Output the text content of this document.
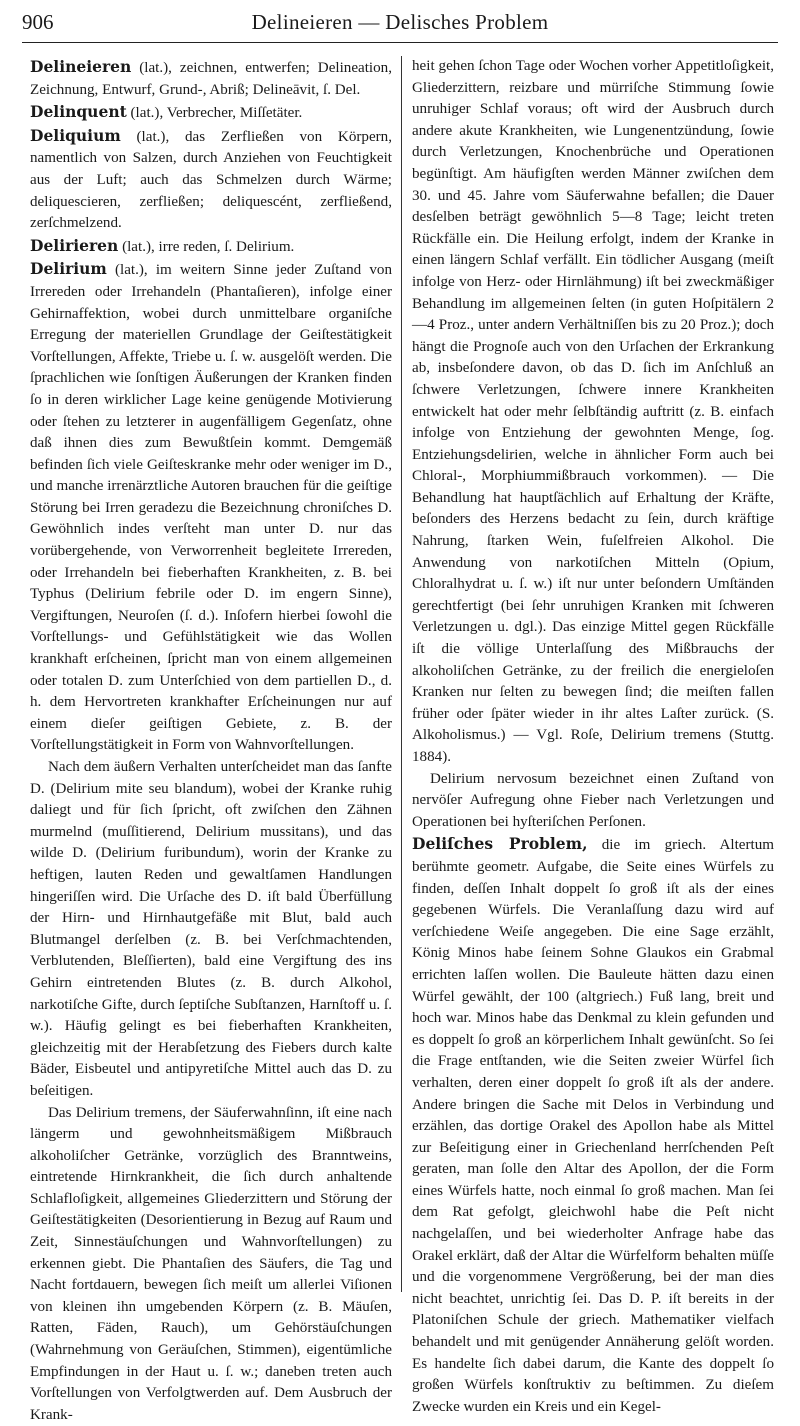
906	Delineieren — Delisches Problem

Delineieren (lat.), zeichnen, entwerfen; Delineation, Zeichnung, Entwurf, Grund-, Abriß; Delineāvit, ſ. Del.

Delinquent (lat.), Verbrecher, Miſſetäter.

Deliquium (lat.), das Zerfließen von Körpern, namentlich von Salzen, durch Anziehen von Feuchtigkeit aus der Luft; auch das Schmelzen durch Wärme; deliquescieren, zerfließen; deliquescént, zerfließend, zerſchmelzend.

Delirieren (lat.), irre reden, ſ. Delirium.

Delirium (lat.), im weitern Sinne jeder Zuſtand von Irrereden oder Irrehandeln (Phantaſieren), infolge einer Gehirnaffektion, wobei durch unmittelbare organiſche Erregung der materiellen Grundlage der Geiſtestätigkeit Vorſtellungen, Affekte, Triebe u. ſ. w. ausgelöſt werden. Die ſprachlichen wie ſonſtigen Äußerungen der Kranken finden ſo in deren wirklicher Lage keine genügende Motivierung oder ſtehen zu letzterer in augenfälligem Gegenſatz, ohne daß ihnen dies zum Bewußtſein kommt. Demgemäß befinden ſich viele Geiſteskranke mehr oder weniger im D., und manche irrenärztliche Autoren brauchen für die geiſtige Störung bei Irren geradezu die Bezeichnung chroniſches D. Gewöhnlich indes verſteht man unter D. nur das vorübergehende, von Verworrenheit begleitete Irrereden, oder Irrehandeln bei fieberhaften Krankheiten, z. B. bei Typhus (Delirium febrile oder D. im engern Sinne), Vergiftungen, Neuroſen (ſ. d.). Inſofern hierbei ſowohl die Vorſtellungs- und Gefühlstätigkeit wie das Wollen krankhaft erſcheinen, ſpricht man von einem allgemeinen oder totalen D. zum Unterſchied von dem partiellen D., d. h. dem Hervortreten krankhafter Erſcheinungen nur auf einem dieſer geiſtigen Gebiete, z. B. der Vorſtellungstätigkeit in Form von Wahnvorſtellungen.

Nach dem äußern Verhalten unterſcheidet man das ſanfte D. (Delirium mite seu blandum), wobei der Kranke ruhig daliegt und für ſich ſpricht, oft zwiſchen den Zähnen murmelnd (muſſitierend, Delirium mussitans), und das wilde D. (Delirium furibundum), worin der Kranke zu heftigen, lauten Reden und gewaltſamen Handlungen hingeriſſen wird. Die Urſache des D. iſt bald Überfüllung der Hirn- und Hirnhautgefäße mit Blut, bald auch Blutmangel derſelben (z. B. bei Verſchmachtenden, Verblutenden, Bleſſierten), bald eine Vergiftung des ins Gehirn eintretenden Blutes (z. B. durch Alkohol, narkotiſche Gifte, durch ſeptiſche Subſtanzen, Harnſtoff u. ſ. w.). Häufig gelingt es bei fieberhaften Krankheiten, gleichzeitig mit der Herabſetzung des Fiebers durch kalte Bäder, Eisbeutel und antipyretiſche Mittel auch das D. zu beſeitigen.

Das Delirium tremens, der Säuferwahnſinn, iſt eine nach längerm und gewohnheitsmäßigem Mißbrauch alkoholiſcher Getränke, vorzüglich des Branntweins, eintretende Hirnkrankheit, die ſich durch anhaltende Schlafloſigkeit, allgemeines Gliederzittern und Störung der Geiſtestätigkeiten (Desorientierung in Bezug auf Raum und Zeit, Sinnestäuſchungen und Wahnvorſtellungen) zu erkennen giebt. Die Phantaſien des Säufers, die Tag und Nacht fortdauern, bewegen ſich meiſt um allerlei Viſionen von kleinen ihn umgebenden Körpern (z. B. Mäuſen, Ratten, Fäden, Rauch), um Gehörstäuſchungen (Wahrnehmung von Geräuſchen, Stimmen), eigentümliche Empfindungen in der Haut u. ſ. w.; daneben treten auch Vorſtellungen von Verfolgtwerden auf. Dem Ausbruch der Krank-

heit gehen ſchon Tage oder Wochen vorher Appetitloſigkeit, Gliederzittern, reizbare und mürriſche Stimmung ſowie unruhiger Schlaf voraus; oft wird der Ausbruch durch andere akute Krankheiten, wie Lungenentzündung, ſowie durch Verletzungen, Knochenbrüche und Operationen begünſtigt. Am häufigſten werden Männer zwiſchen dem 30. und 45. Jahre vom Säuferwahne befallen; die Dauer desſelben beträgt gewöhnlich 5—8 Tage; leicht treten Rückfälle ein. Die Heilung erfolgt, indem der Kranke in einen längern Schlaf verfällt. Ein tödlicher Ausgang (meiſt infolge von Herz- oder Hirnlähmung) iſt bei zweckmäßiger Behandlung im allgemeinen ſelten (in guten Hoſpitälern 2—4 Proz., unter andern Verhältniſſen bis zu 20 Proz.); doch hängt die Prognoſe auch von den Urſachen der Erkrankung ab, insbeſondere davon, ob das D. ſich im Anſchluß an ſchwere Verletzungen, ſchwere innere Krankheiten entwickelt hat oder mehr ſelbſtändig auftritt (z. B. einfach infolge von Entziehung der gewohnten Menge, ſog. Entziehungsdelirien, welche in ähnlicher Form auch bei Chloral-, Morphiummißbrauch vorkommen). — Die Behandlung hat hauptſächlich auf Erhaltung der Kräfte, beſonders des Herzens bedacht zu ſein, durch kräftige Nahrung, ſtarken Wein, fuſelfreien Alkohol. Die Anwendung von narkotiſchen Mitteln (Opium, Chloralhydrat u. ſ. w.) iſt nur unter beſondern Umſtänden gerechtfertigt (bei ſehr unruhigen Kranken mit ſchweren Verletzungen u. dgl.). Das einzige Mittel gegen Rückfälle iſt die völlige Unterlaſſung des Mißbrauchs der alkoholiſchen Getränke, zu der freilich die energieloſen Kranken nur ſelten zu bewegen ſind; die meiſten fallen früher oder ſpäter wieder in ihr altes Laſter zurück. (S. Alkoholismus.) — Vgl. Roſe, Delirium tremens (Stuttg. 1884).

Delirium nervosum bezeichnet einen Zuſtand von nervöſer Aufregung ohne Fieber nach Verletzungen und Operationen bei hyſteriſchen Perſonen.

Deliſches Problem, die im griech. Altertum berühmte geometr. Aufgabe, die Seite eines Würfels zu finden, deſſen Inhalt doppelt ſo groß iſt als der eines gegebenen Würfels. Die Veranlaſſung dazu wird auf verſchiedene Weiſe angegeben. Die eine Sage erzählt, König Minos habe ſeinem Sohne Glaukos ein Grabmal errichten laſſen wollen. Die Bauleute hätten dazu einen Würfel gewählt, der 100 (altgriech.) Fuß lang, breit und hoch war. Minos habe das Denkmal zu klein gefunden und es doppelt ſo groß an körperlichem Inhalt gewünſcht. So ſei die Frage entſtanden, wie die Seiten zweier Würfel ſich verhalten, deren einer doppelt ſo groß iſt als der andere. Andere bringen die Sache mit Delos in Verbindung und erzählen, das dortige Orakel des Apollon habe als Mittel zur Beſeitigung einer in Griechenland herrſchenden Peſt geraten, man ſolle den Altar des Apollon, der die Form eines Würfels hatte, noch einmal ſo groß machen. Man ſei dem Rat gefolgt, gleichwohl habe die Peſt nicht nachgelaſſen, und bei wiederholter Anfrage habe das Orakel erklärt, daß der Altar die Würfelform behalten müſſe und die vorgenommene Vergrößerung, bei der man dies nicht beachtet, unrichtig ſei. Das D. P. iſt bereits in der Platoniſchen Schule der griech. Mathematiker vielfach behandelt und mit genügender Annäherung gelöſt worden. Es handelte ſich dabei darum, die Kante des doppelt ſo großen Würfels konſtruktiv zu beſtimmen. Zu dieſem Zwecke wurden ein Kreis und ein Kegel-
